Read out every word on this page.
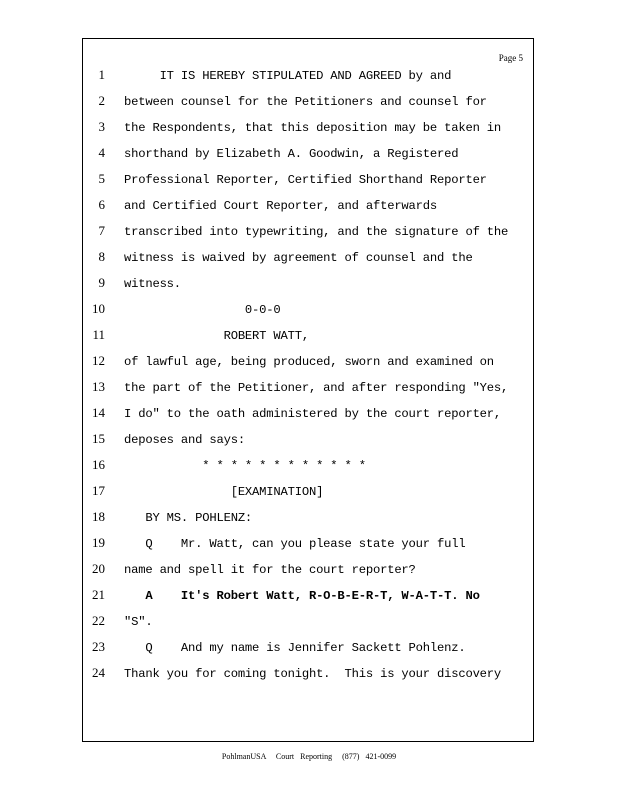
Page 5
1 IT IS HEREBY STIPULATED AND AGREED by and
2 between counsel for the Petitioners and counsel for
3 the Respondents, that this deposition may be taken in
4 shorthand by Elizabeth A. Goodwin, a Registered
5 Professional Reporter, Certified Shorthand Reporter
6 and Certified Court Reporter, and afterwards
7 transcribed into typewriting, and the signature of the
8 witness is waived by agreement of counsel and the
9 witness.
10 0-0-0
11 ROBERT WATT,
12 of lawful age, being produced, sworn and examined on
13 the part of the Petitioner, and after responding "Yes,
14 I do" to the oath administered by the court reporter,
15 deposes and says:
16 * * * * * * * * * * * *
17 [EXAMINATION]
18 BY MS. POHLENZ:
19 Q    Mr. Watt, can you please state your full
20 name and spell it for the court reporter?
21 A    It's Robert Watt, R-O-B-E-R-T, W-A-T-T. No
22 "S".
23 Q    And my name is Jennifer Sackett Pohlenz.
24 Thank you for coming tonight.  This is your discovery
PohlmanUSA     Court   Reporting     (877)   421-0099
